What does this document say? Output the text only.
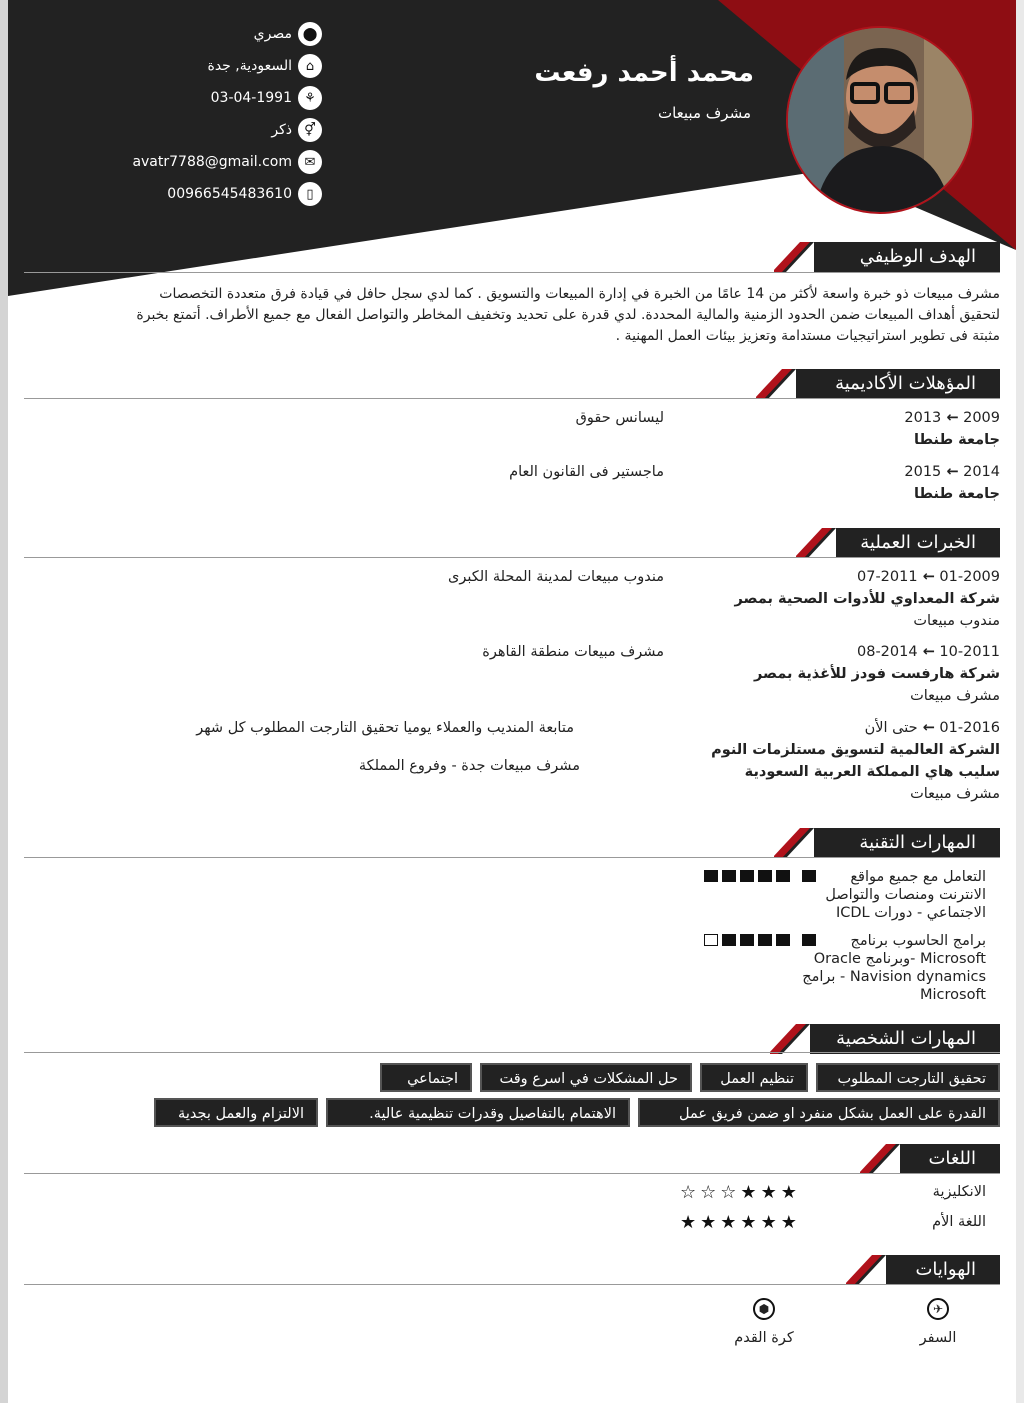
محمد أحمد رفعت
مشرف مبيعات
⬤
مصري
⌂
السعودية, جدة
⚘
03-04-1991
⚥
ذكر
✉
avatr7788@gmail.com
▯
00966545483610
الهدف الوظيفي
مشرف مبيعات ذو خبرة واسعة لأكثر من 14 عامًا من الخبرة في إدارة المبيعات والتسويق . كما لدي سجل حافل في قيادة فرق متعددة التخصصات
لتحقيق أهداف المبيعات ضمن الحدود الزمنية والمالية المحددة. لدي قدرة على تحديد وتخفيف المخاطر والتواصل الفعال مع جميع الأطراف. أتمتع بخبرة
مثبتة فى تطوير استراتيجيات مستدامة وتعزيز بيئات العمل المهنية .
المؤهلات الأكاديمية
2009 ← 2013
جامعة طنطا
ليسانس حقوق
2014 ← 2015
جامعة طنطا
ماجستير فى القانون العام
الخبرات العملية
01-2009 ← 07-2011
شركة المعداوي للأدوات الصحية بمصر
مندوب مبيعات
مندوب مبيعات لمدينة المحلة الكبرى
10-2011 ← 08-2014
شركة هارفست فودز للأغذية بمصر
مشرف مبيعات
مشرف مبيعات منطقة القاهرة
01-2016 ← حتى الأن
الشركة العالمية لتسويق مستلزمات النوم
سليب هاي المملكة العربية السعودية
مشرف مبيعات
متابعة المنديب والعملاء يوميا تحقيق التارجت المطلوب كل شهر
مشرف مبيعات جدة - وفروع المملكة
المهارات التقنية
التعامل مع جميع مواقع
الانترنت ومنصات والتواصل
الاجتماعي - دورات ICDL
برامج الحاسوب برنامج
Microsoft -وبرنامج Oracle
Navision dynamics - برامج
Microsoft
المهارات الشخصية
تحقيق التارجت المطلوب
تنظيم العمل
حل المشكلات في اسرع وقت
اجتماعي
القدرة على العمل بشكل منفرد او ضمن فريق عمل
الاهتمام بالتفاصيل وقدرات تنظيمية عالية.
الالتزام والعمل بجدية
اللغات
الانكليزية
☆ ☆ ☆ ★ ★ ★
اللغة الأم
★ ★ ★ ★ ★ ★
الهوايات
✈
السفر
⬢
كرة القدم
